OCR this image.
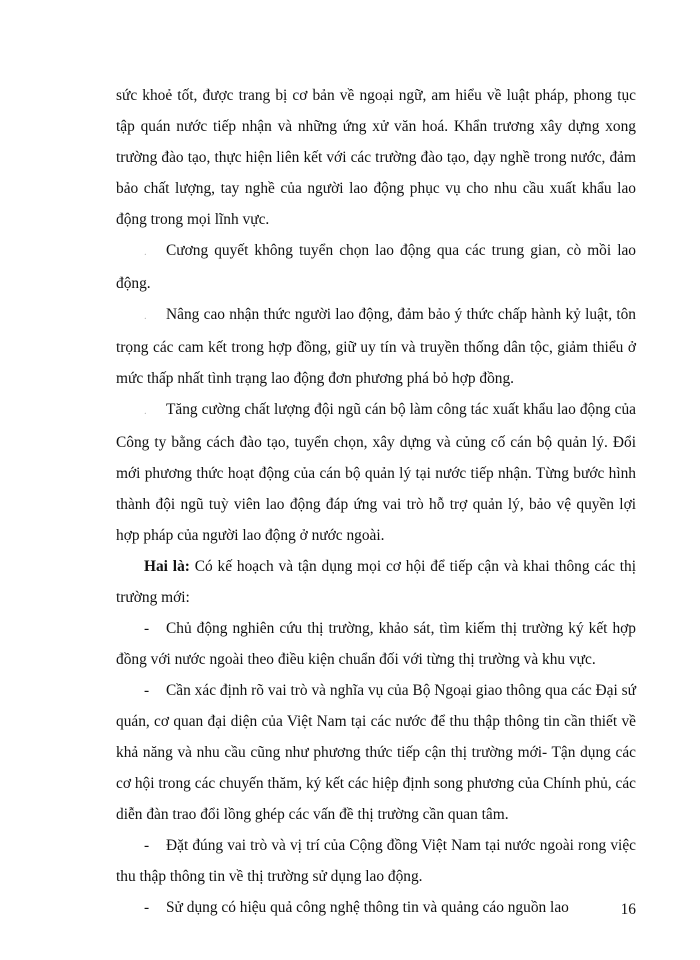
sức khoẻ tốt, được trang bị cơ bản về ngoại ngữ, am hiểu về luật pháp, phong tục tập quán nước tiếp nhận và những ứng xử văn hoá. Khẩn trương xây dựng xong trường đào tạo, thực hiện liên kết với các trường đào tạo, dạy nghề trong nước, đảm bảo chất lượng, tay nghề của người lao động phục vụ cho nhu cầu xuất khẩu lao động trong mọi lĩnh vực.

. Cương quyết không tuyển chọn lao động qua các trung gian, cò mồi lao động.

. Nâng cao nhận thức người lao động, đảm bảo ý thức chấp hành kỷ luật, tôn trọng các cam kết trong hợp đồng, giữ uy tín và truyền thống dân tộc, giảm thiểu ở mức thấp nhất tình trạng lao động đơn phương phá bỏ hợp đồng.

. Tăng cường chất lượng đội ngũ cán bộ làm công tác xuất khẩu lao động của Công ty bằng cách đào tạo, tuyển chọn, xây dựng và củng cố cán bộ quản lý. Đổi mới phương thức hoạt động của cán bộ quản lý tại nước tiếp nhận. Từng bước hình thành đội ngũ tuỳ viên lao động đáp ứng vai trò hỗ trợ quản lý, bảo vệ quyền lợi hợp pháp của người lao động ở nước ngoài.

Hai là: Có kế hoạch và tận dụng mọi cơ hội để tiếp cận và khai thông các thị trường mới:

- Chủ động nghiên cứu thị trường, khảo sát, tìm kiếm thị trường ký kết hợp đồng với nước ngoài theo điều kiện chuẩn đối với từng thị trường và khu vực.

- Cần xác định rõ vai trò và nghĩa vụ của Bộ Ngoại giao thông qua các Đại sứ quán, cơ quan đại diện của Việt Nam tại các nước để thu thập thông tin cần thiết về khả năng và nhu cầu cũng như phương thức tiếp cận thị trường mới- Tận dụng các cơ hội trong các chuyến thăm, ký kết các hiệp định song phương của Chính phủ, các diễn đàn trao đổi lồng ghép các vấn đề thị trường cần quan tâm.

- Đặt đúng vai trò và vị trí của Cộng đồng Việt Nam tại nước ngoài rong việc thu thập thông tin về thị trường sử dụng lao động.

- Sử dụng có hiệu quả công nghệ thông tin và quảng cáo nguồn lao	16
